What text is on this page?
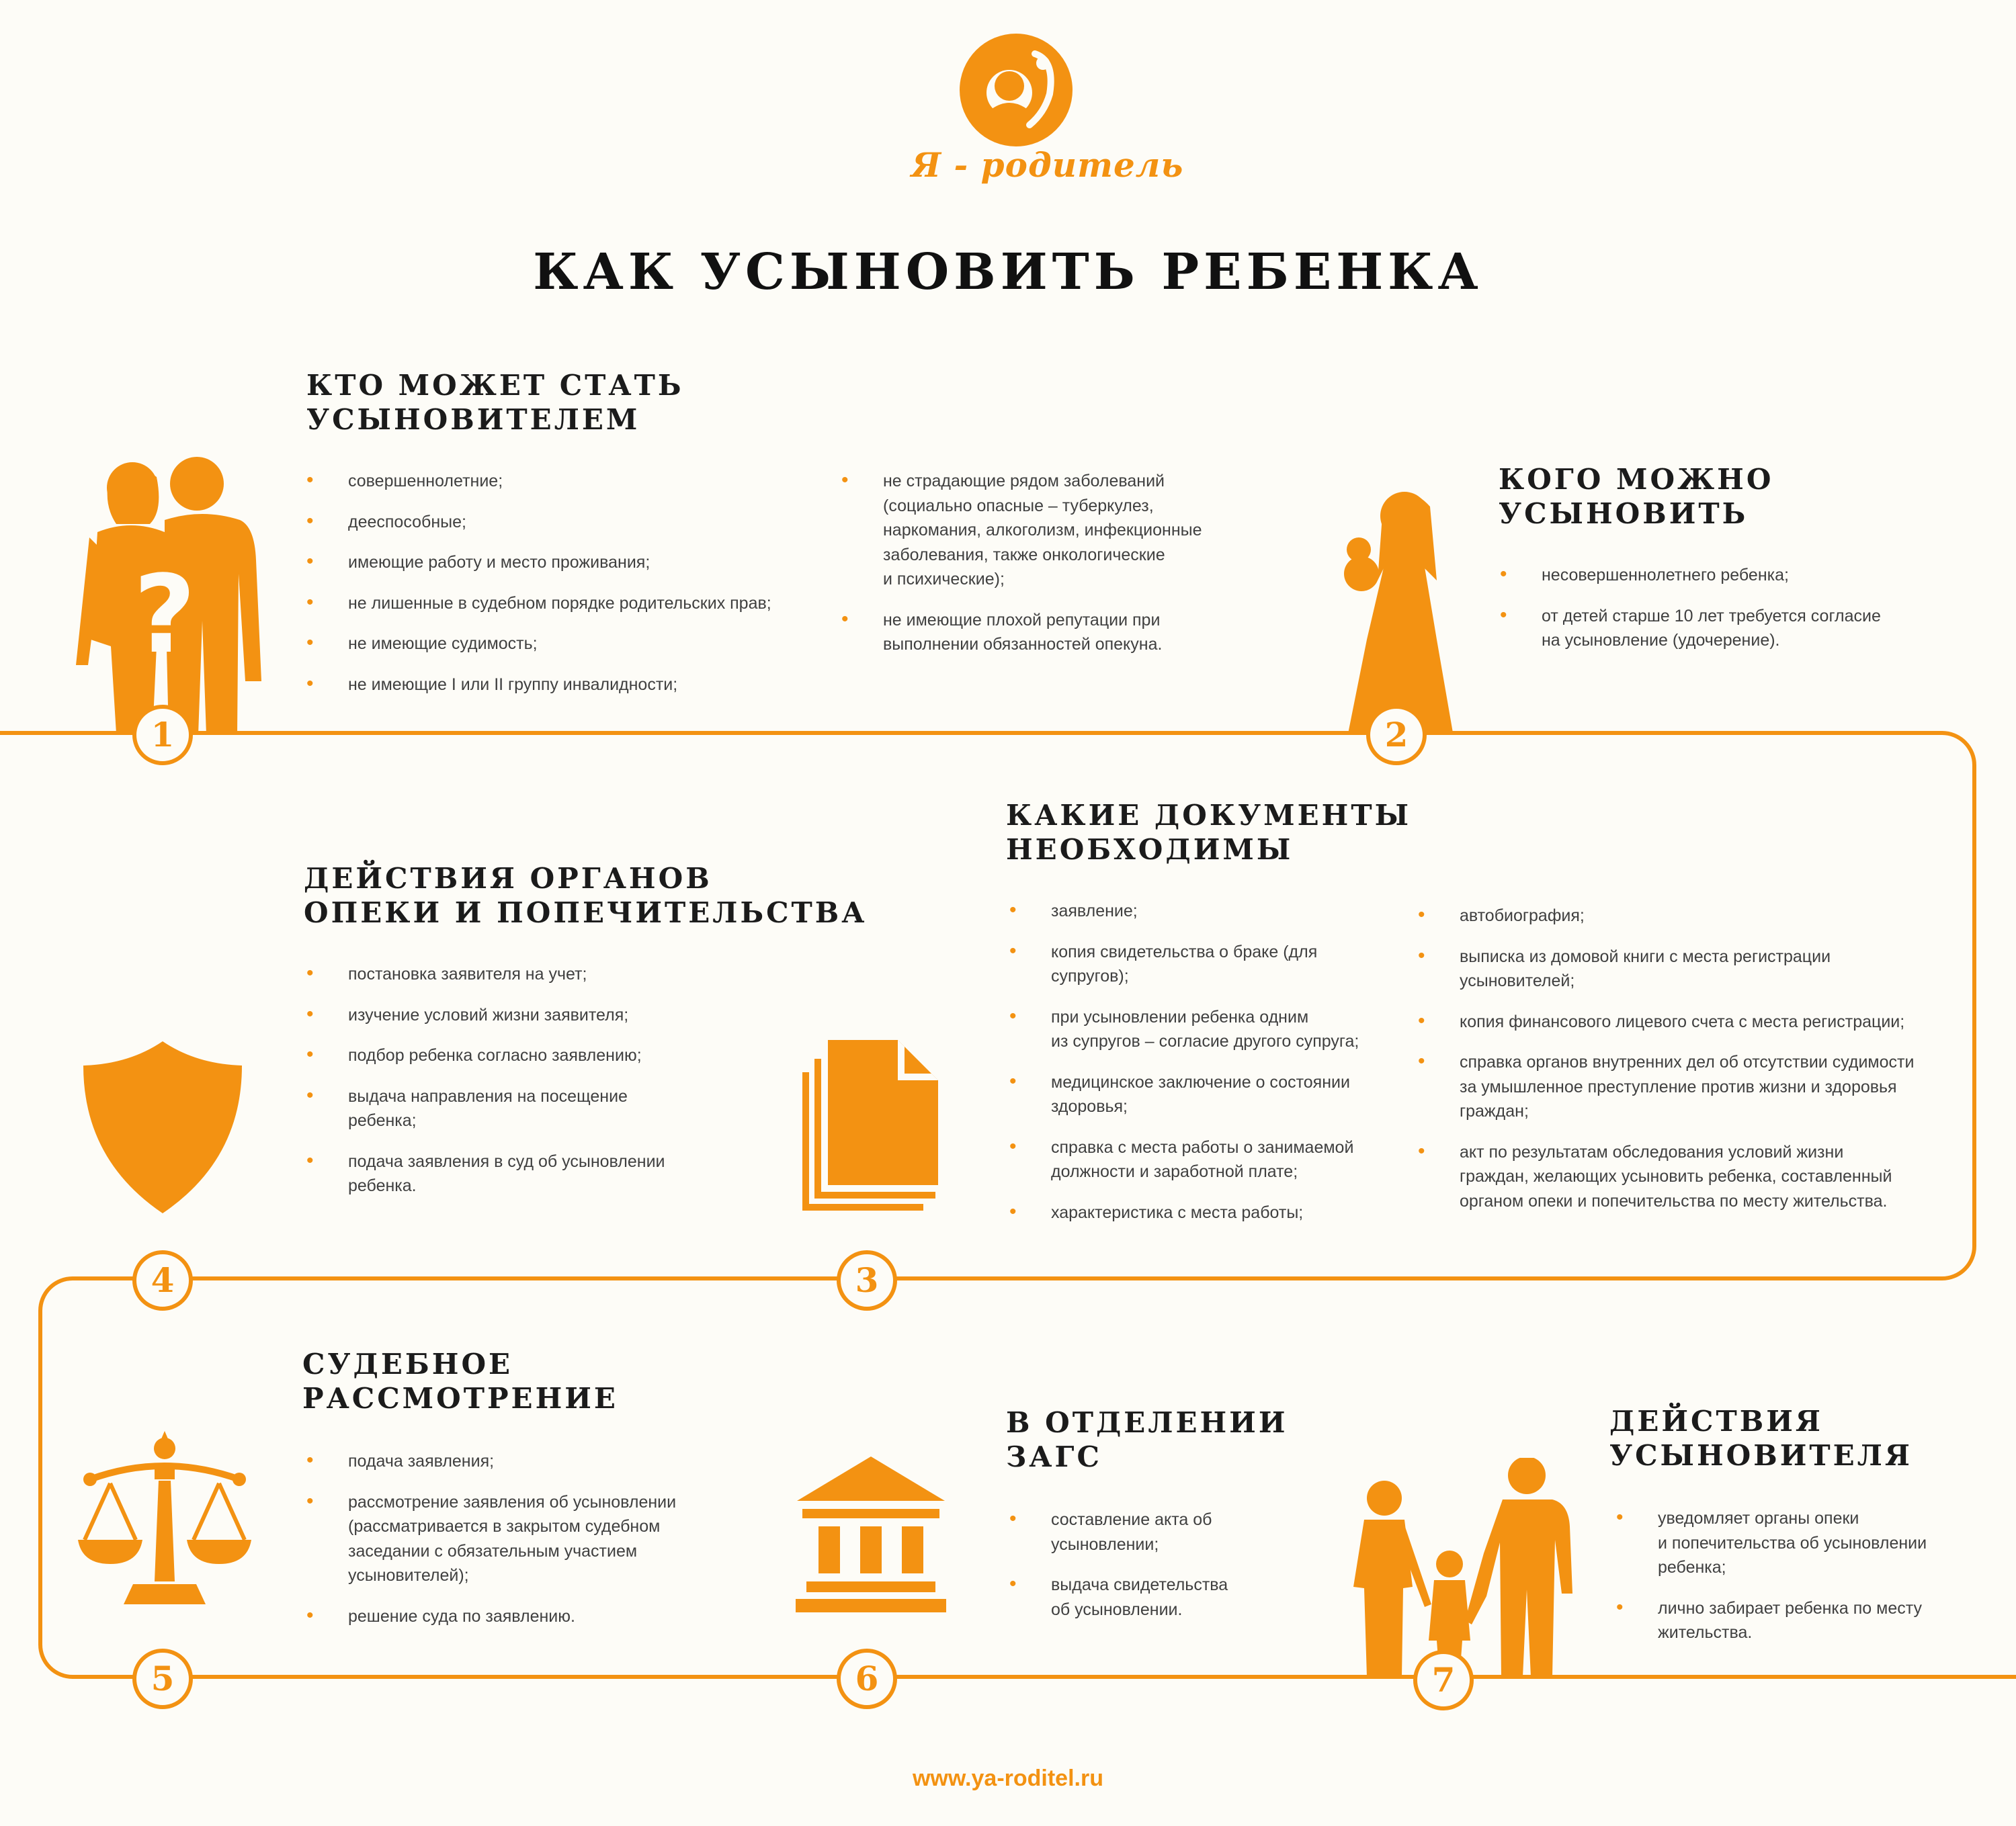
Я - родитель
КАК УСЫНОВИТЬ РЕБЕНКА
?
КТО МОЖЕТ СТАТЬ
УСЫНОВИТЕЛЕМ
• совершеннолетние;
• дееспособные;
• имеющие работу и место проживания;
• не лишенные в судебном порядке родительских прав;
• не имеющие судимость;
• не имеющие I или II группу инвалидности;
• не страдающие рядом заболеваний
(социально опасные – туберкулез,
наркомания, алкоголизм, инфекционные
заболевания, также онкологические
и психические);
• не имеющие плохой репутации при
выполнении обязанностей опекуна.
1
КОГО МОЖНО
УСЫНОВИТЬ
• несовершеннолетнего ребенка;
• от детей старше 10 лет требуется согласие
на усыновление (удочерение).
2
КАКИЕ ДОКУМЕНТЫ
НЕОБХОДИМЫ
• заявление;
• копия свидетельства о браке (для
супругов);
• при усыновлении ребенка одним
из супругов – согласие другого супруга;
• медицинское заключение о состоянии
здоровья;
• справка с места работы о занимаемой
должности и заработной плате;
• характеристика с места работы;
• автобиография;
• выписка из домовой книги с места регистрации
усыновителей;
• копия финансового лицевого счета с места регистрации;
• справка органов внутренних дел об отсутствии судимости
за умышленное преступление против жизни и здоровья
граждан;
• акт по результатам обследования условий жизни
граждан, желающих усыновить ребенка, составленный
органом опеки и попечительства по месту жительства.
3
ДЕЙСТВИЯ ОРГАНОВ
ОПЕКИ И ПОПЕЧИТЕЛЬСТВА
• постановка заявителя на учет;
• изучение условий жизни заявителя;
• подбор ребенка согласно заявлению;
• выдача направления на посещение
ребенка;
• подача заявления в суд об усыновлении
ребенка.
4
СУДЕБНОЕ
РАССМОТРЕНИЕ
• подача заявления;
• рассмотрение заявления об усыновлении
(рассматривается в закрытом судебном
заседании с обязательным участием
усыновителей);
• решение суда по заявлению.
5
В ОТДЕЛЕНИИ
ЗАГС
• составление акта об
усыновлении;
• выдача свидетельства
об усыновлении.
6
ДЕЙСТВИЯ
УСЫНОВИТЕЛЯ
• уведомляет органы опеки
и попечительства об усыновлении
ребенка;
• лично забирает ребенка по месту
жительства.
7
www.ya-roditel.ru
